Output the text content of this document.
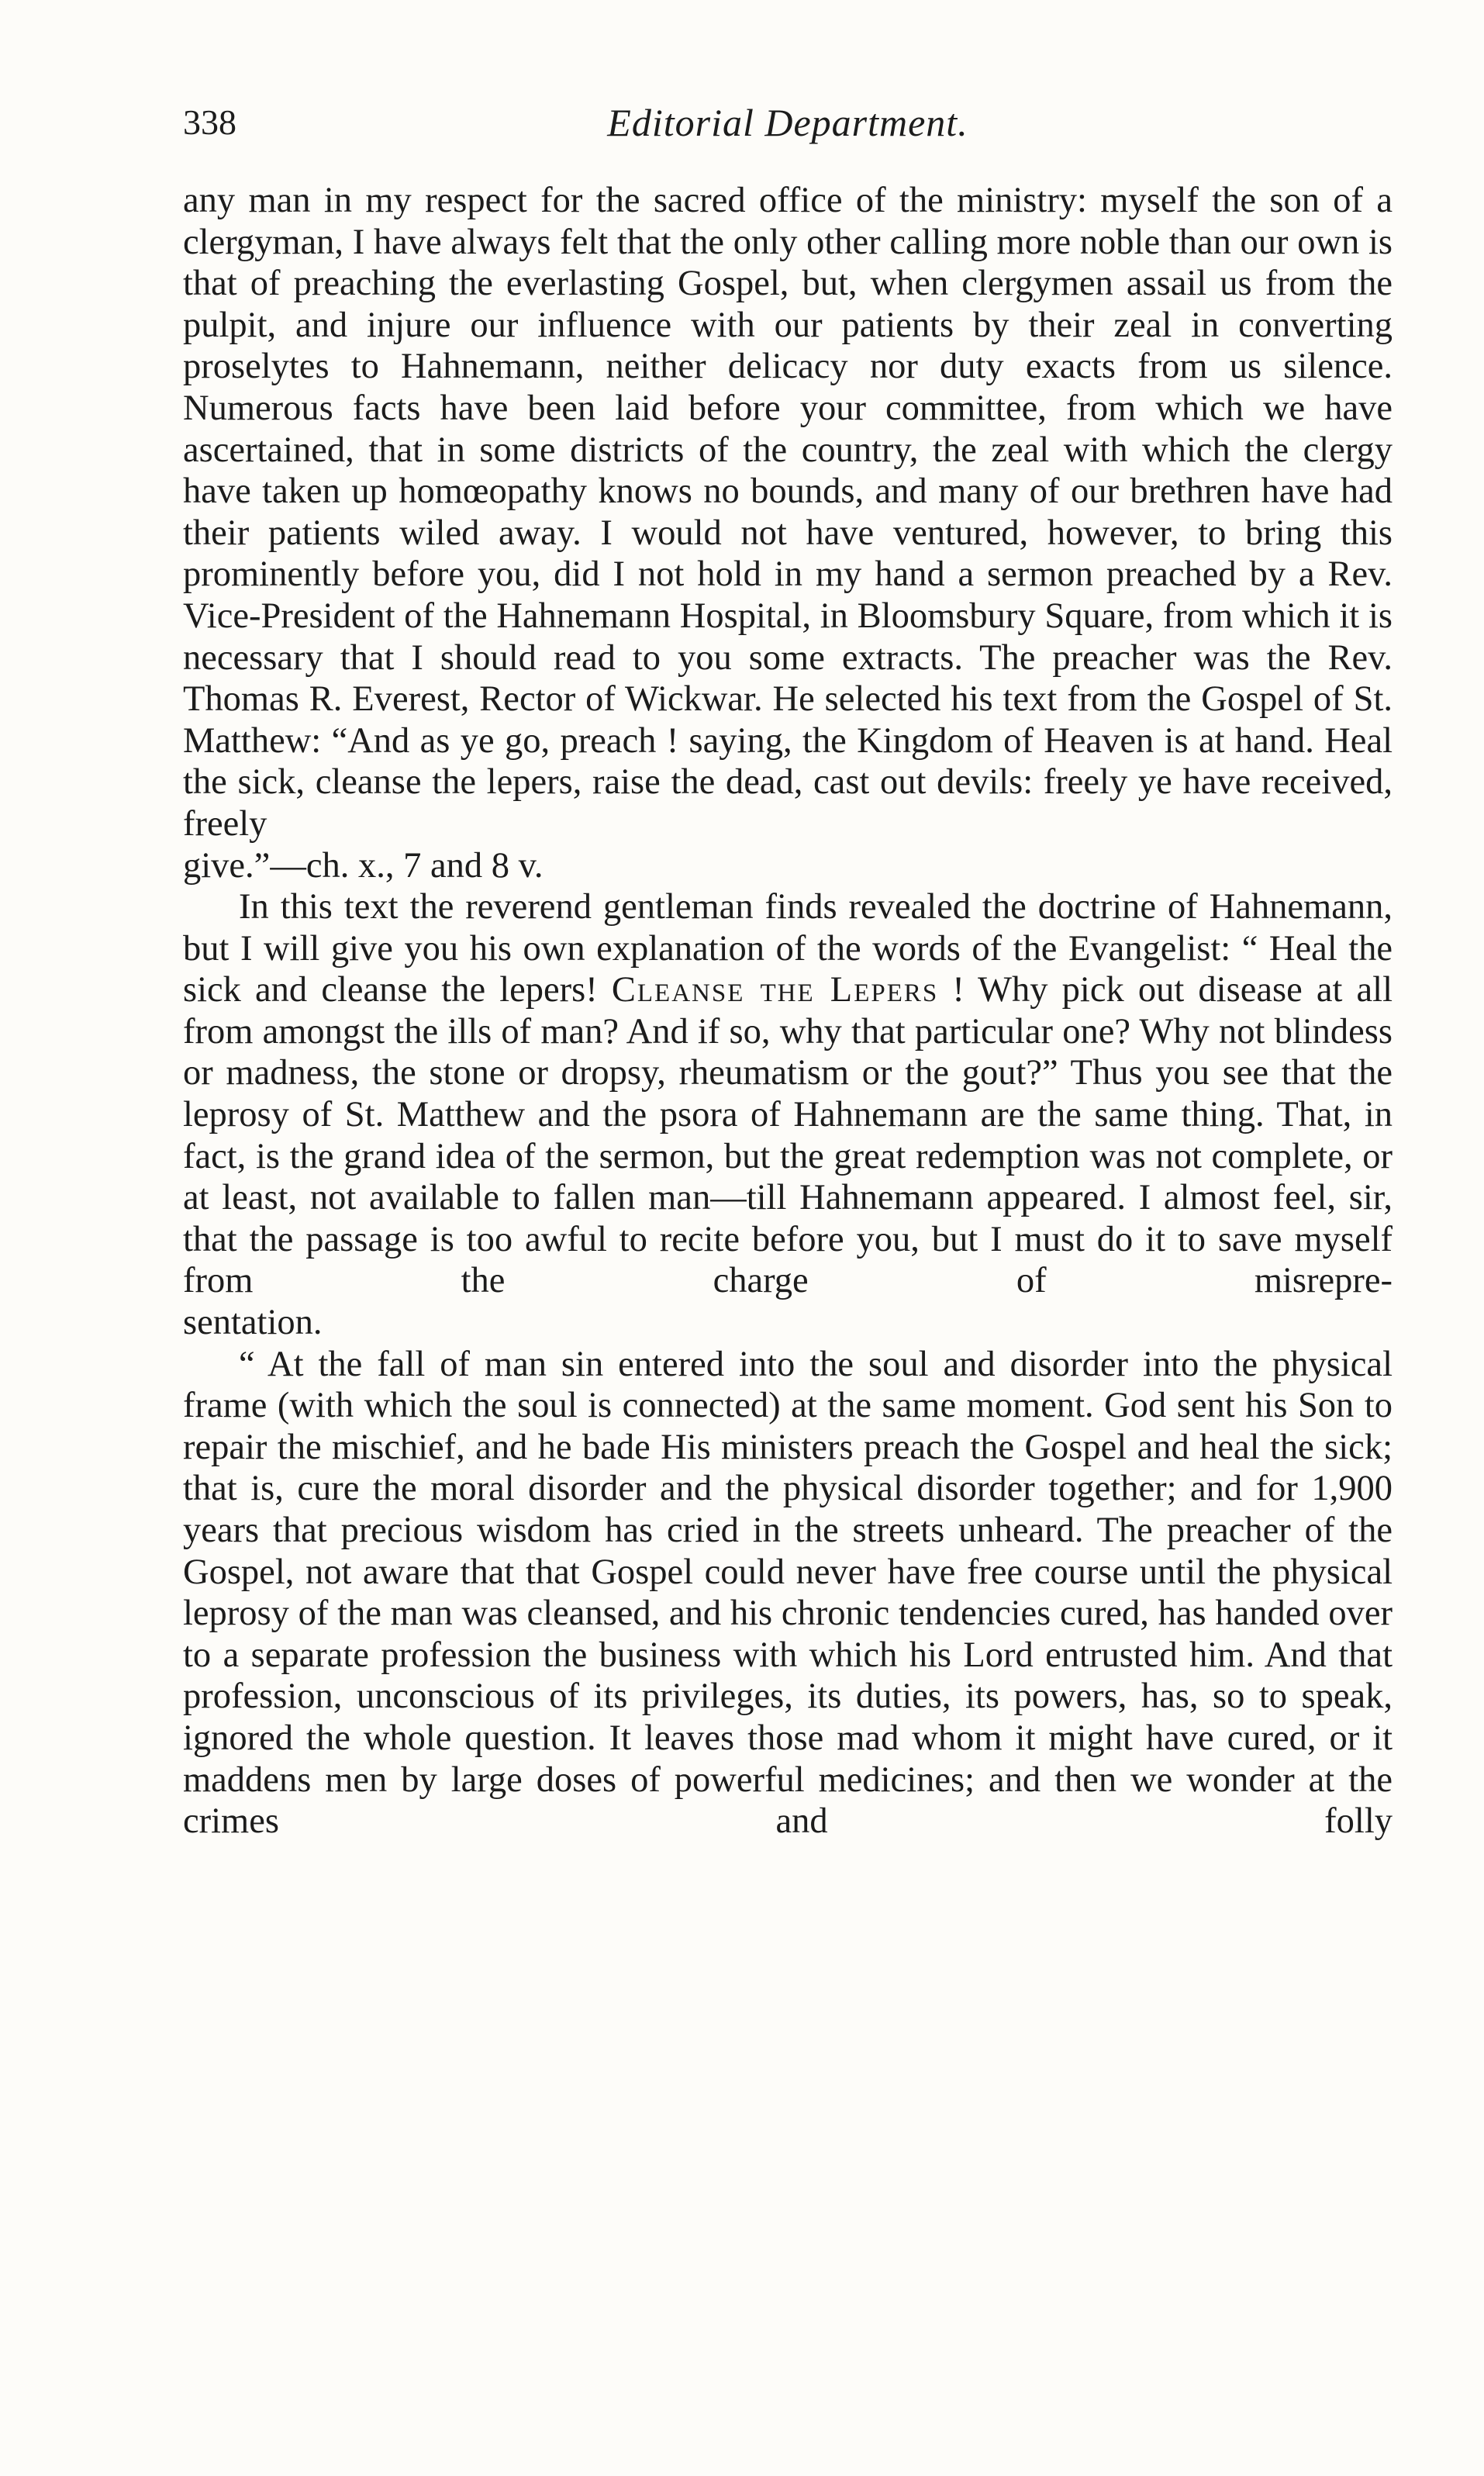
338	Editorial Department.

any man in my respect for the sacred office of the ministry: myself the son of a clergyman, I have always felt that the only other calling more noble than our own is that of preaching the everlasting Gospel, but, when clergymen assail us from the pulpit, and injure our influence with our patients by their zeal in converting proselytes to Hahnemann, neither delicacy nor duty exacts from us silence. Numerous facts have been laid before your committee, from which we have ascertained, that in some districts of the country, the zeal with which the clergy have taken up homœopathy knows no bounds, and many of our brethren have had their patients wiled away. I would not have ventured, however, to bring this prominently before you, did I not hold in my hand a sermon preached by a Rev. Vice-President of the Hahnemann Hospital, in Bloomsbury Square, from which it is necessary that I should read to you some extracts. The preacher was the Rev. Thomas R. Everest, Rector of Wickwar. He selected his text from the Gospel of St. Matthew: “And as ye go, preach ! saying, the Kingdom of Heaven is at hand. Heal the sick, cleanse the lepers, raise the dead, cast out devils: freely ye have received, freely

give.”—ch. x., 7 and 8 v.

In this text the reverend gentleman finds revealed the doctrine of Hahnemann, but I will give you his own explanation of the words of the Evangelist: “ Heal the sick and cleanse the lepers! Cleanse the Lepers ! Why pick out disease at all from amongst the ills of man? And if so, why that particular one? Why not blindess or madness, the stone or dropsy, rheumatism or the gout?” Thus you see that the leprosy of St. Matthew and the psora of Hahnemann are the same thing. That, in fact, is the grand idea of the sermon, but the great redemption was not complete, or at least, not available to fallen man—till Hahnemann appeared. I almost feel, sir, that the passage is too awful to recite before you, but I must do it to save myself from the charge of misrepre-

sentation.

“ At the fall of man sin entered into the soul and disorder into the physical frame (with which the soul is connected) at the same moment. God sent his Son to repair the mischief, and he bade His ministers preach the Gospel and heal the sick; that is, cure the moral disorder and the physical disorder together; and for 1,900 years that precious wisdom has cried in the streets unheard. The preacher of the Gospel, not aware that that Gospel could never have free course until the physical leprosy of the man was cleansed, and his chronic tendencies cured, has handed over to a separate profession the business with which his Lord entrusted him. And that profession, unconscious of its privileges, its duties, its powers, has, so to speak, ignored the whole question. It leaves those mad whom it might have cured, or it maddens men by large doses of powerful medicines; and then we wonder at the crimes and folly
